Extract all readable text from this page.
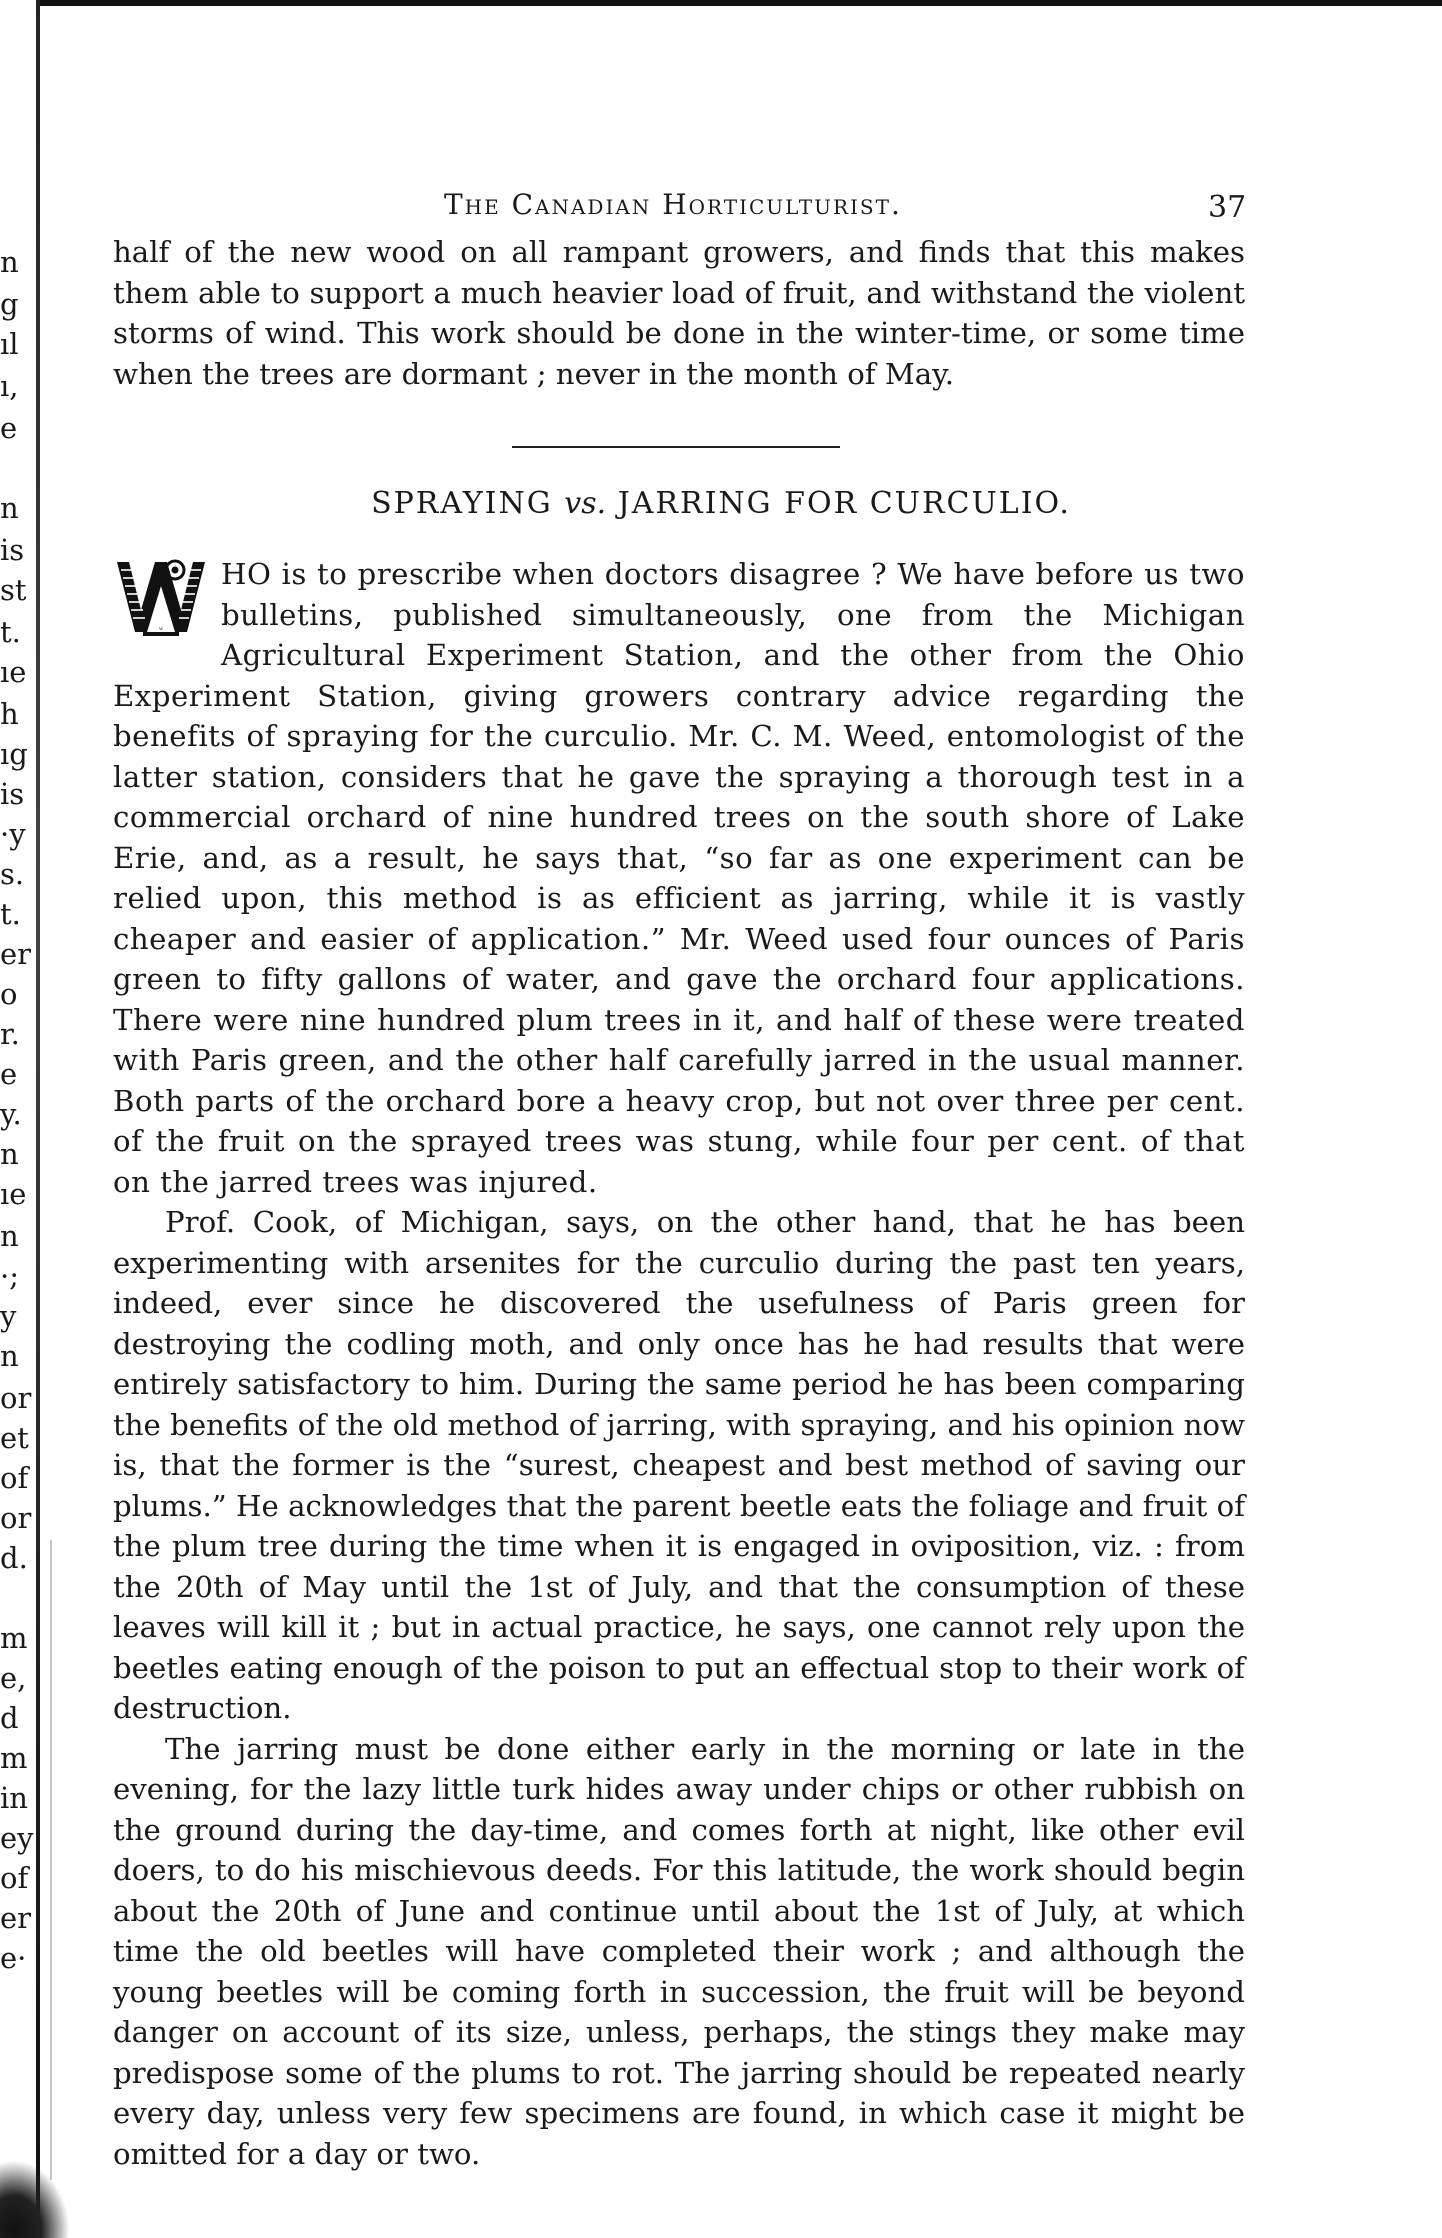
n
g
ıl
ı,
e
n
is
st
t.
ıe
h
ıg
is
·y
s.
t.
er
o
r.
e
y.
n
ıe
n
·;
y
n
or
et
of
or
d.
m
e,
d
m
in
ey
of
er
e·
The Canadian Horticulturist.	37

half of the new wood on all rampant growers, and finds that this makes them able to support a much heavier load of fruit, and withstand the violent storms of wind. This work should be done in the winter-time, or some time when the trees are dormant ; never in the month of May.

SPRAYING vs. JARRING FOR CURCULIO.

W
HO is to prescribe when doctors disagree ? We have before us two bulletins, published simultaneously, one from the Michigan Agricultural Experiment Station, and the other from the Ohio Experiment Station, giving growers contrary advice regarding the benefits of spraying for the curculio. Mr. C. M. Weed, entomologist of the latter station, considers that he gave the spraying a thorough test in a commercial orchard of nine hundred trees on the south shore of Lake Erie, and, as a result, he says that, “so far as one experiment can be relied upon, this method is as efficient as jarring, while it is vastly cheaper and easier of application.” Mr. Weed used four ounces of Paris green to fifty gallons of water, and gave the orchard four applications. There were nine hundred plum trees in it, and half of these were treated with Paris green, and the other half carefully jarred in the usual manner. Both parts of the orchard bore a heavy crop, but not over three per cent. of the fruit on the sprayed trees was stung, while four per cent. of that on the jarred trees was injured.

Prof. Cook, of Michigan, says, on the other hand, that he has been experimenting with arsenites for the curculio during the past ten years, indeed, ever since he discovered the usefulness of Paris green for destroying the codling moth, and only once has he had results that were entirely satisfactory to him. During the same period he has been comparing the benefits of the old method of jarring, with spraying, and his opinion now is, that the former is the “surest, cheapest and best method of saving our plums.” He acknowledges that the parent beetle eats the foliage and fruit of the plum tree during the time when it is engaged in oviposition, viz. : from the 20th of May until the 1st of July, and that the consumption of these leaves will kill it ; but in actual practice, he says, one cannot rely upon the beetles eating enough of the poison to put an effectual stop to their work of destruction.

The jarring must be done either early in the morning or late in the evening, for the lazy little turk hides away under chips or other rubbish on the ground during the day-time, and comes forth at night, like other evil doers, to do his mischievous deeds. For this latitude, the work should begin about the 20th of June and continue until about the 1st of July, at which time the old beetles will have completed their work ; and although the young beetles will be coming forth in succession, the fruit will be beyond danger on account of its size, unless, perhaps, the stings they make may predispose some of the plums to rot. The jarring should be repeated nearly every day, unless very few specimens are found, in which case it might be omitted for a day or two.
